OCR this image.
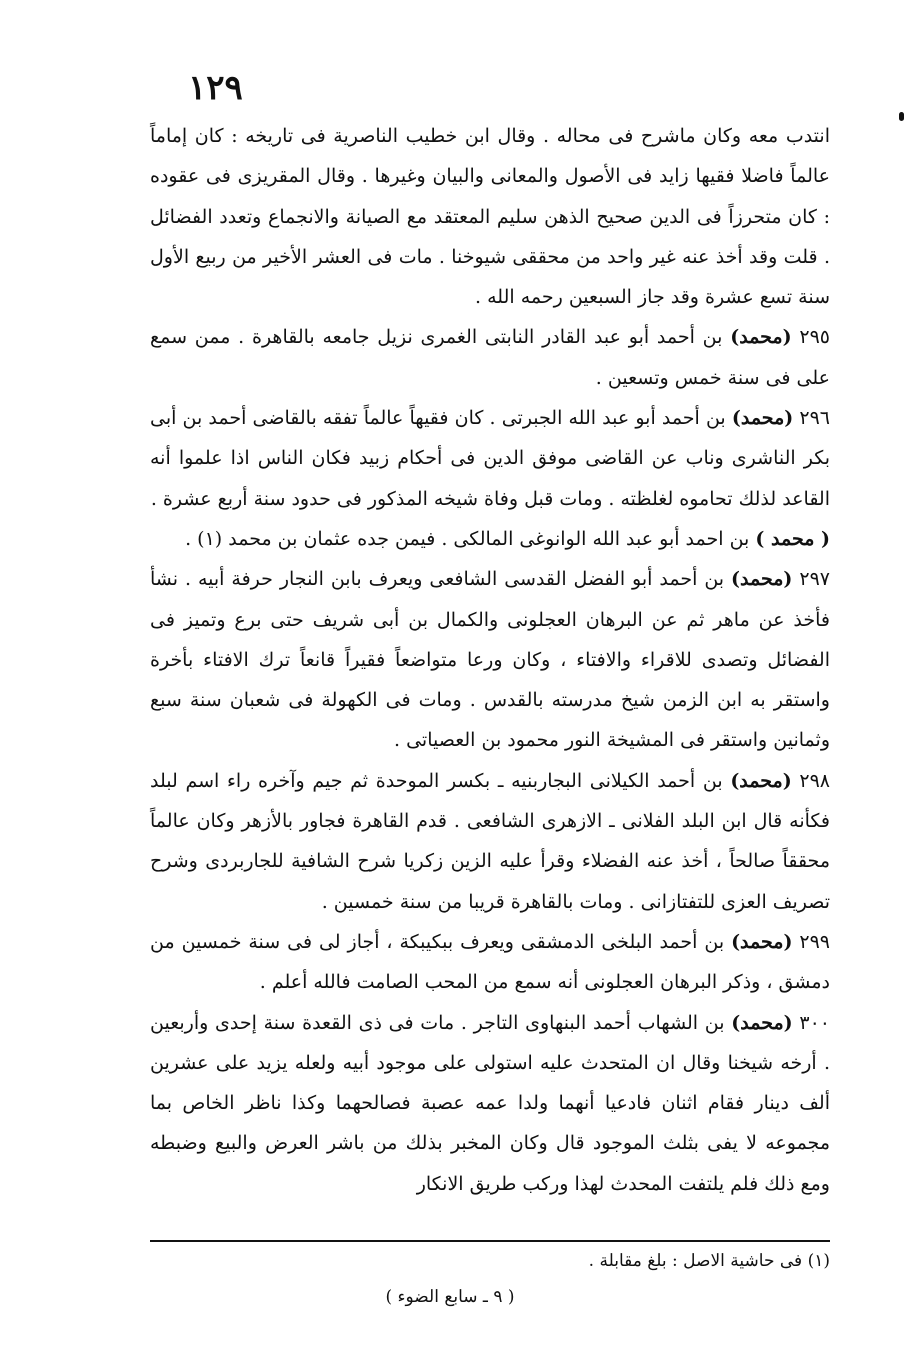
١٢٩

انتدب معه وكان ماشرح فى محاله . وقال ابن خطيب الناصرية فى تاريخه : كان إماماً عالماً فاضلا فقيها زايد فى الأصول والمعانى والبيان وغيرها . وقال المقريزى فى عقوده : كان متحرزاً فى الدين صحيح الذهن سليم المعتقد مع الصيانة والانجماع وتعدد الفضائل . قلت وقد أخذ عنه غير واحد من محققى شيوخنا . مات فى العشر الأخير من ربيع الأول سنة تسع عشرة وقد جاز السبعين رحمه الله .

٢٩٥ (محمد) بن أحمد أبو عبد القادر النابتى الغمرى نزيل جامعه بالقاهرة . ممن سمع على فى سنة خمس وتسعين .

٢٩٦ (محمد) بن أحمد أبو عبد الله الجبرتى . كان فقيهاً عالماً تفقه بالقاضى أحمد بن أبى بكر الناشرى وناب عن القاضى موفق الدين فى أحكام زبيد فكان الناس اذا علموا أنه القاعد لذلك تحاموه لغلظته . ومات قبل وفاة شيخه المذكور فى حدود سنة أربع عشرة .

( محمد ) بن احمد أبو عبد الله الوانوغى المالكى . فيمن جده عثمان بن محمد (١) .

٢٩٧ (محمد) بن أحمد أبو الفضل القدسى الشافعى ويعرف بابن النجار حرفة أبيه . نشأ فأخذ عن ماهر ثم عن البرهان العجلونى والكمال بن أبى شريف حتى برع وتميز فى الفضائل وتصدى للاقراء والافتاء ، وكان ورعا متواضعاً فقيراً قانعاً ترك الافتاء بأخرة واستقر به ابن الزمن شيخ مدرسته بالقدس . ومات فى الكهولة فى شعبان سنة سبع وثمانين واستقر فى المشيخة النور محمود بن العصياتى .

٢٩٨ (محمد) بن أحمد الكيلانى البجاربنيه ـ بكسر الموحدة ثم جيم وآخره راء اسم لبلد فكأنه قال ابن البلد الفلانى ـ الازهرى الشافعى . قدم القاهرة فجاور بالأزهر وكان عالماً محققاً صالحاً ، أخذ عنه الفضلاء وقرأ عليه الزين زكريا شرح الشافية للجاربردى وشرح تصريف العزى للتفتازانى . ومات بالقاهرة قريبا من سنة خمسين .

٢٩٩ (محمد) بن أحمد البلخى الدمشقى ويعرف ببكيبكة ، أجاز لى فى سنة خمسين من دمشق ، وذكر البرهان العجلونى أنه سمع من المحب الصامت فالله أعلم .

٣٠٠ (محمد) بن الشهاب أحمد البنهاوى التاجر . مات فى ذى القعدة سنة إحدى وأربعين . أرخه شيخنا وقال ان المتحدث عليه استولى على موجود أبيه ولعله يزيد على عشرين ألف دينار فقام اثنان فادعيا أنهما ولدا عمه عصبة فصالحهما وكذا ناظر الخاص بما مجموعه لا يفى بثلث الموجود قال وكان المخبر بذلك من باشر العرض والبيع وضبطه ومع ذلك فلم يلتفت المحدث لهذا وركب طريق الانكار

(١) فى حاشية الاصل : بلغ مقابلة .
( ٩ ـ سابع الضوء )
